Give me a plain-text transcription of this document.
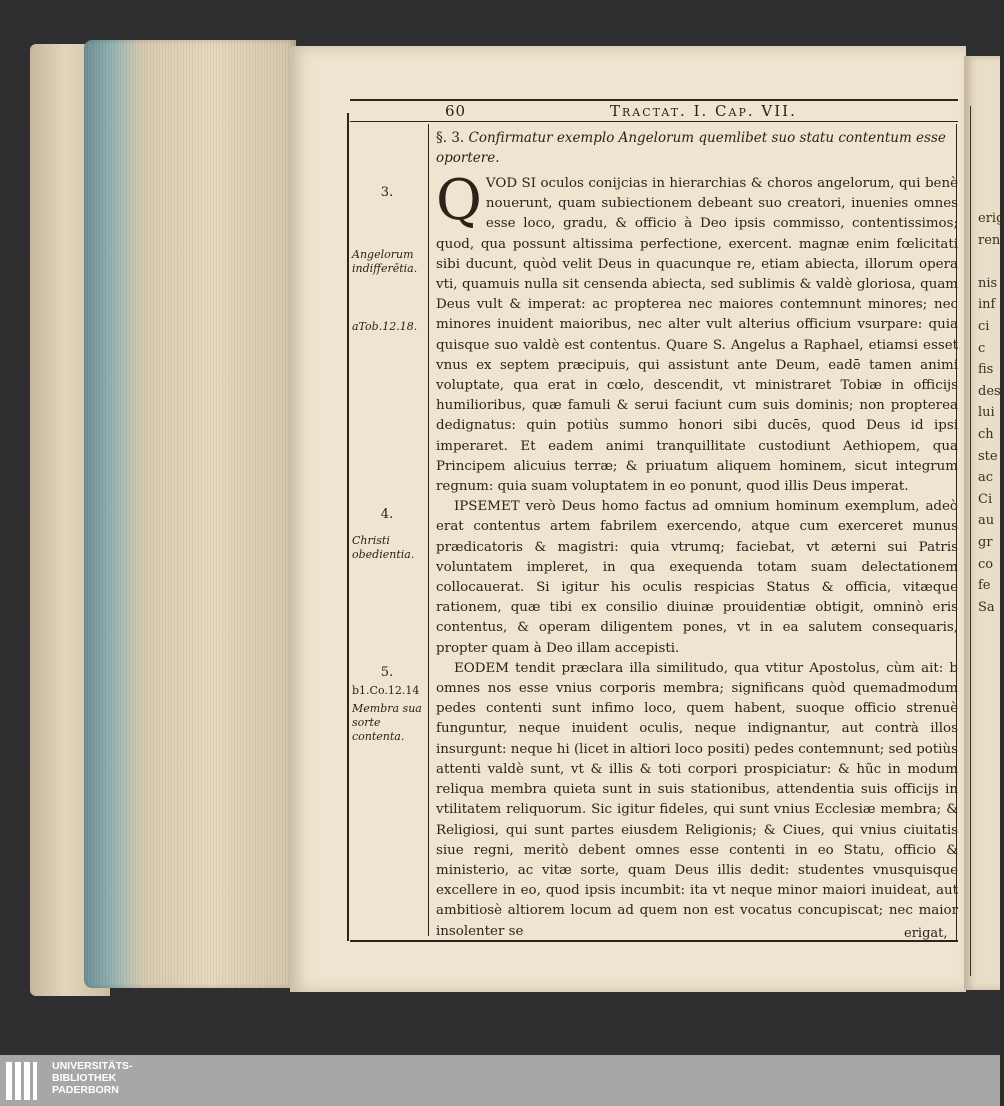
erig
ren

nis
inf
ci c
fis
des
lui
ch
ste
ac
Ci
au
gr
co
fe
Sa
60	Tractat. I. Cap. VII.
3.
Angelorum indifferētia.
aTob.12.18.
4.
Christi obedientia.
5.
b1.Co.12.14
Membra sua sorte contenta.

§. 3. Confirmatur exemplo Angelorum quemlibet suo statu contentum esse oportere.

Q VOD SI oculos conijcias in hierarchias & choros angelorum, qui benè nouerunt, quam subiectionem debeant suo creatori, inuenies omnes esse loco, gradu, & officio à Deo ipsis commisso, contentissimos; quod, qua possunt altissima perfectione, exercent. magnæ enim fœlicitati sibi ducunt, quòd velit Deus in quacunque re, etiam abiecta, illorum opera vti, quamuis nulla sit censenda abiecta, sed sublimis & valdè gloriosa, quam Deus vult & imperat: ac propterea nec maiores contemnunt minores; nec minores inuident maioribus, nec alter vult alterius officium vsurpare: quia quisque suo valdè est contentus. Quare S. Angelus a Raphael, etiamsi esset vnus ex septem præcipuis, qui assistunt ante Deum, eadē tamen animi voluptate, qua erat in cœlo, descendit, vt ministraret Tobiæ in officijs humilioribus, quæ famuli & serui faciunt cum suis dominis; non propterea dedignatus: quin potiùs summo honori sibi ducēs, quod Deus id ipsi imperaret. Et eadem animi tranquillitate custodiunt Aethiopem, qua Principem alicuius terræ; & priuatum aliquem hominem, sicut integrum regnum: quia suam voluptatem in eo ponunt, quod illis Deus imperat.

IPSEMET verò Deus homo factus ad omnium hominum exemplum, adeò erat contentus artem fabrilem exercendo, atque cum exerceret munus prædicatoris & magistri: quia vtrumq; faciebat, vt æterni sui Patris voluntatem impleret, in qua exequenda totam suam delectationem collocauerat. Si igitur his oculis respicias Status & officia, vitæque rationem, quæ tibi ex consilio diuinæ prouidentiæ obtigit, omninò eris contentus, & operam diligentem pones, vt in ea salutem consequaris, propter quam à Deo illam accepisti.

EODEM tendit præclara illa similitudo, qua vtitur Apostolus, cùm ait: b omnes nos esse vnius corporis membra; significans quòd quemadmodum pedes contenti sunt infimo loco, quem habent, suoque officio strenuè funguntur, neque inuident oculis, neque indignantur, aut contrà illos insurgunt: neque hi (licet in altiori loco positi) pedes contemnunt; sed potiùs attenti valdè sunt, vt & illis & toti corpori prospiciatur: & hũc in modum reliqua membra quieta sunt in suis stationibus, attendentia suis officijs in vtilitatem reliquorum. Sic igitur fideles, qui sunt vnius Ecclesiæ membra; & Religiosi, qui sunt partes eiusdem Religionis; & Ciues, qui vnius ciuitatis siue regni, meritò debent omnes esse contenti in eo Statu, officio & ministerio, ac vitæ sorte, quam Deus illis dedit: studentes vnusquisque excellere in eo, quod ipsis incumbit: ita vt neque minor maiori inuideat, aut ambitiosè altiorem locum ad quem non est vocatus concupiscat; nec maior insolenter se	erigat,
UNIVERSITÄTS-
BIBLIOTHEK
PADERBORN
